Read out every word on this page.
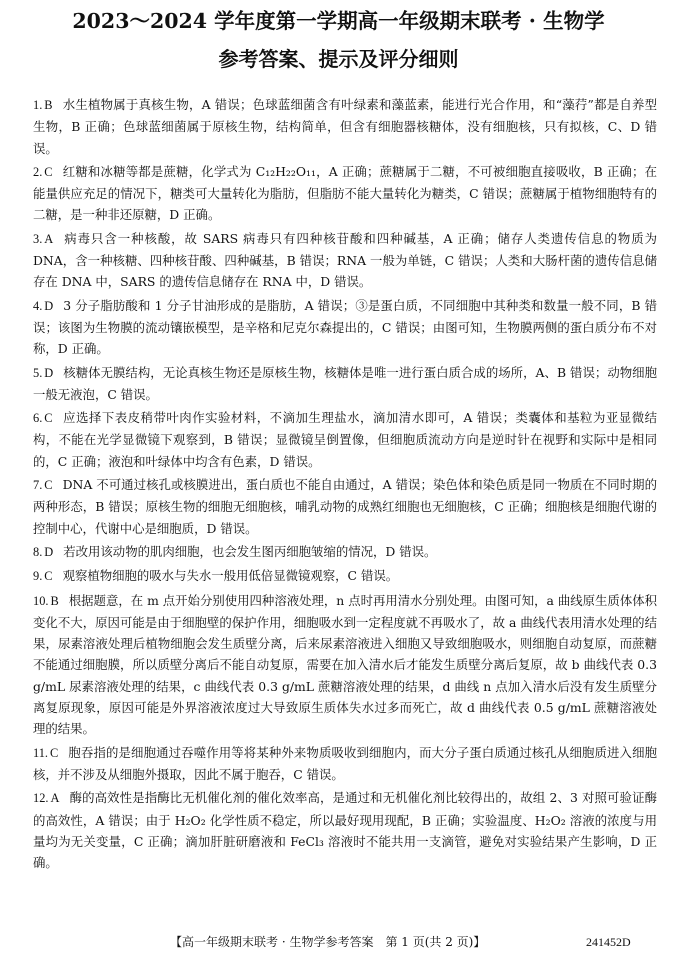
2023～2024 学年度第一学期高一年级期末联考 · 生物学
参考答案、提示及评分细则

1. B 水生植物属于真核生物，A 错误；色球蓝细菌含有叶绿素和藻蓝素，能进行光合作用，和“藻荇”都是自养型生物，B 正确；色球蓝细菌属于原核生物，结构简单，但含有细胞器核糖体，没有细胞核，只有拟核，C、D 错误。

2. C 红糖和冰糖等都是蔗糖，化学式为 C₁₂H₂₂O₁₁，A 正确；蔗糖属于二糖，不可被细胞直接吸收，B 正确；在能量供应充足的情况下，糖类可大量转化为脂肪，但脂肪不能大量转化为糖类，C 错误；蔗糖属于植物细胞特有的二糖，是一种非还原糖，D 正确。

3. A 病毒只含一种核酸，故 SARS 病毒只有四种核苷酸和四种碱基，A 正确；储存人类遗传信息的物质为 DNA，含一种核糖、四种核苷酸、四种碱基，B 错误；RNA 一般为单链，C 错误；人类和大肠杆菌的遗传信息储存在 DNA 中，SARS 的遗传信息储存在 RNA 中，D 错误。

4. D 3 分子脂肪酸和 1 分子甘油形成的是脂肪，A 错误；③是蛋白质，不同细胞中其种类和数量一般不同，B 错误；该图为生物膜的流动镶嵌模型，是辛格和尼克尔森提出的，C 错误；由图可知，生物膜两侧的蛋白质分布不对称，D 正确。

5. D 核糖体无膜结构，无论真核生物还是原核生物，核糖体是唯一进行蛋白质合成的场所，A、B 错误；动物细胞一般无液泡，C 错误。

6. C 应选择下表皮稍带叶肉作实验材料，不滴加生理盐水，滴加清水即可，A 错误；类囊体和基粒为亚显微结构，不能在光学显微镜下观察到，B 错误；显微镜呈倒置像，但细胞质流动方向是逆时针在视野和实际中是相同的，C 正确；液泡和叶绿体中均含有色素，D 错误。

7. C DNA 不可通过核孔或核膜进出，蛋白质也不能自由通过，A 错误；染色体和染色质是同一物质在不同时期的两种形态，B 错误；原核生物的细胞无细胞核，哺乳动物的成熟红细胞也无细胞核，C 正确；细胞核是细胞代谢的控制中心，代谢中心是细胞质，D 错误。

8. D 若改用该动物的肌肉细胞，也会发生图丙细胞皱缩的情况，D 错误。

9. C 观察植物细胞的吸水与失水一般用低倍显微镜观察，C 错误。

10. B 根据题意，在 m 点开始分别使用四种溶液处理，n 点时再用清水分别处理。由图可知，a 曲线原生质体体积变化不大，原因可能是由于细胞壁的保护作用，细胞吸水到一定程度就不再吸水了，故 a 曲线代表用清水处理的结果，尿素溶液处理后植物细胞会发生质壁分离，后来尿素溶液进入细胞又导致细胞吸水，则细胞自动复原，而蔗糖不能通过细胞膜，所以质壁分离后不能自动复原，需要在加入清水后才能发生质壁分离后复原，故 b 曲线代表 0.3 g/mL 尿素溶液处理的结果，c 曲线代表 0.3 g/mL 蔗糖溶液处理的结果，d 曲线 n 点加入清水后没有发生质壁分离复原现象，原因可能是外界溶液浓度过大导致原生质体失水过多而死亡，故 d 曲线代表 0.5 g/mL 蔗糖溶液处理的结果。

11. C 胞吞指的是细胞通过吞噬作用等将某种外来物质吸收到细胞内，而大分子蛋白质通过核孔从细胞质进入细胞核，并不涉及从细胞外摄取，因此不属于胞吞，C 错误。

12. A 酶的高效性是指酶比无机催化剂的催化效率高，是通过和无机催化剂比较得出的，故组 2、3 对照可验证酶的高效性，A 错误；由于 H₂O₂ 化学性质不稳定，所以最好现用现配，B 正确；实验温度、H₂O₂ 溶液的浓度与用量均为无关变量，C 正确；滴加肝脏研磨液和 FeCl₃ 溶液时不能共用一支滴管，避免对实验结果产生影响，D 正确。

【高一年级期末联考 · 生物学参考答案　第 1 页(共 2 页)】	241452D
